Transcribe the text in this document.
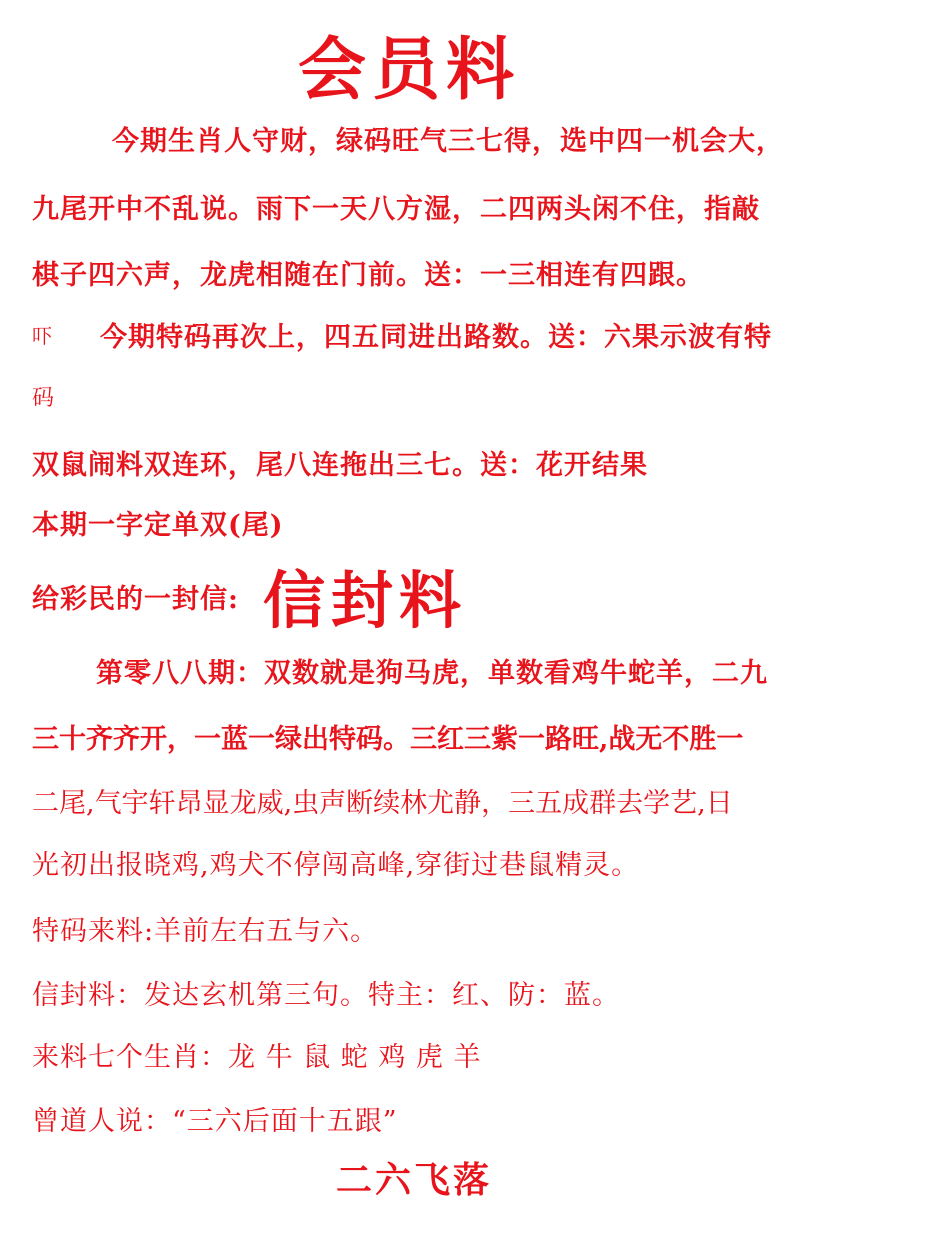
会员料
今期生肖人守财，绿码旺气三七得，选中四一机会大，
九尾开中不乱说。雨下一天八方湿，二四两头闲不住，指敲
棋子四六声，龙虎相随在门前。送：一三相连有四跟。
吓 今期特码再次上，四五同进出路数。送：六果示波有特
码
双鼠闹料双连环，尾八连拖出三七。送：花开结果
本期一字定单双(尾)
给彩民的一封信: 信封料
第零八八期：双数就是狗马虎，单数看鸡牛蛇羊，二九
三十齐齐开，一蓝一绿出特码。三红三紫一路旺,战无不胜一
二尾,气宇轩昂显龙威,虫声断续林尤静，三五成群去学艺,日
光初出报晓鸡,鸡犬不停闯高峰,穿街过巷鼠精灵。
特码来料:羊前左右五与六。
信封料：发达玄机第三句。特主：红、防：蓝。
来料七个生肖：龙 牛 鼠 蛇 鸡 虎 羊
曾道人说：“三六后面十五跟”
二六飞落
